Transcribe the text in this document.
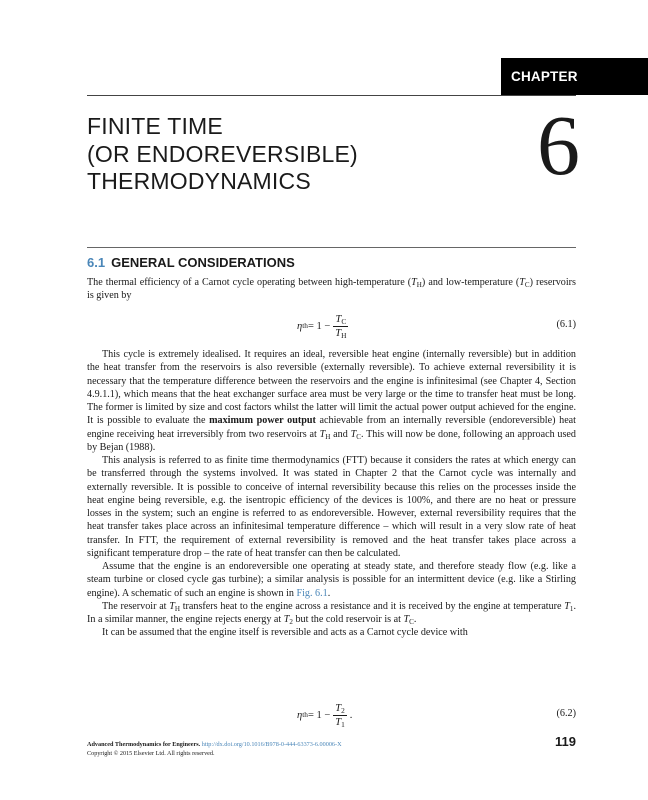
CHAPTER
FINITE TIME
(OR ENDOREVERSIBLE)
THERMODYNAMICS	6
6.1 GENERAL CONSIDERATIONS

The thermal efficiency of a Carnot cycle operating between high-temperature $(T_H)$ and low-temperature $(T_C)$ reservoirs is given by

η th = $1 - \frac{T_C}{T_H}$	(6.1)

This cycle is extremely idealised. It requires an ideal, reversible heat engine (internally reversible) but in addition the heat transfer from the reservoirs is also reversible (externally reversible). To achieve external reversibility it is necessary that the temperature difference between the reservoirs and the engine is infinitesimal (see Chapter 4, Section 4.9.1.1), which means that the heat exchanger surface area must be very large or the time to transfer heat must be long. The former is limited by size and cost factors whilst the latter will limit the actual power output achieved for the engine. It is possible to evaluate the maximum power output achievable from an internally reversible (endoreversible) heat engine receiving heat irreversibly from two reservoirs at $T_H$ and $T_C$. This will now be done, following an approach used by Bejan (1988).

This analysis is referred to as finite time thermodynamics (FTT) because it considers the rates at which energy can be transferred through the systems involved. It was stated in Chapter 2 that the Carnot cycle was internally and externally reversible. It is possible to conceive of internal reversibility because this relies on the processes inside the heat engine being reversible, e.g. the isentropic efficiency of the devices is 100%, and there are no heat or pressure losses in the system; such an engine is referred to as endoreversible. However, external reversibility requires that the heat transfer takes place across an infinitesimal temperature difference – which will result in a very slow rate of heat transfer. In FTT, the requirement of external reversibility is removed and the heat transfer takes place across a significant temperature drop – the rate of heat transfer can then be calculated.

Assume that the engine is an endoreversible one operating at steady state, and therefore steady flow (e.g. like a steam turbine or closed cycle gas turbine); a similar analysis is possible for an intermittent device (e.g. like a Stirling engine). A schematic of such an engine is shown in Fig. 6.1.

The reservoir at $T_H$ transfers heat to the engine across a resistance and it is received by the engine at temperature $T_1$. In a similar manner, the engine rejects energy at $T_2$ but the cold reservoir is at $T_C$.

It can be assumed that the engine itself is reversible and acts as a Carnot cycle device with

η th = $1 - \frac{T_2}{T_1}$ .	(6.2)
Advanced Thermodynamics for Engineers. http://dx.doi.org/10.1016/B978-0-444-63373-6.00006-X
Copyright © 2015 Elsevier Ltd. All rights reserved.
119
